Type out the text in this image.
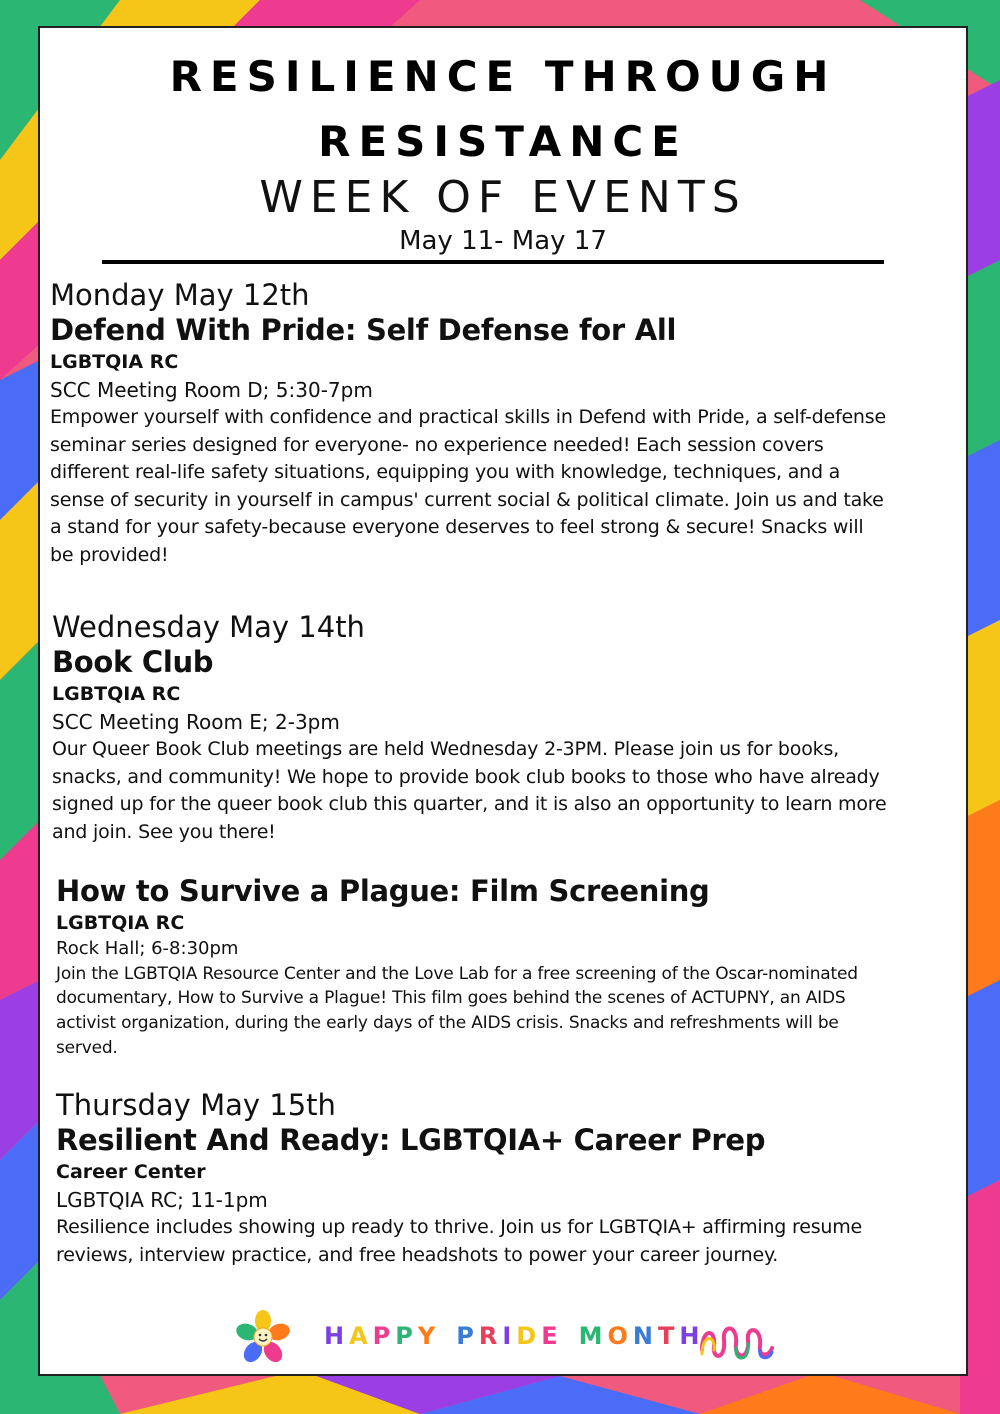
RESILIENCE THROUGH
RESISTANCE
WEEK OF EVENTS
May 11- May 17
Monday May 12th
Defend With Pride: Self Defense for All
LGBTQIA RC
SCC Meeting Room D; 5:30-7pm
Empower yourself with confidence and practical skills in Defend with Pride, a self-defense seminar series designed for everyone- no experience needed! Each session covers different real-life safety situations, equipping you with knowledge, techniques, and a sense of security in yourself in campus' current social & political climate. Join us and take a stand for your safety-because everyone deserves to feel strong & secure! Snacks will be provided!
Wednesday May 14th
Book Club
LGBTQIA RC
SCC Meeting Room E; 2-3pm
Our Queer Book Club meetings are held Wednesday 2-3PM. Please join us for books, snacks, and community! We hope to provide book club books to those who have already signed up for the queer book club this quarter, and it is also an opportunity to learn more and join. See you there!
How to Survive a Plague: Film Screening
LGBTQIA RC
Rock Hall; 6-8:30pm
Join the LGBTQIA Resource Center and the Love Lab for a free screening of the Oscar-nominated documentary, How to Survive a Plague! This film goes behind the scenes of ACTUPNY, an AIDS activist organization, during the early days of the AIDS crisis. Snacks and refreshments will be served.
Thursday May 15th
Resilient And Ready: LGBTQIA+ Career Prep
Career Center
LGBTQIA RC; 11-1pm
Resilience includes showing up ready to thrive. Join us for LGBTQIA+ affirming resume reviews, interview practice, and free headshots to power your career journey.
HAPPY PRIDE MONTH
